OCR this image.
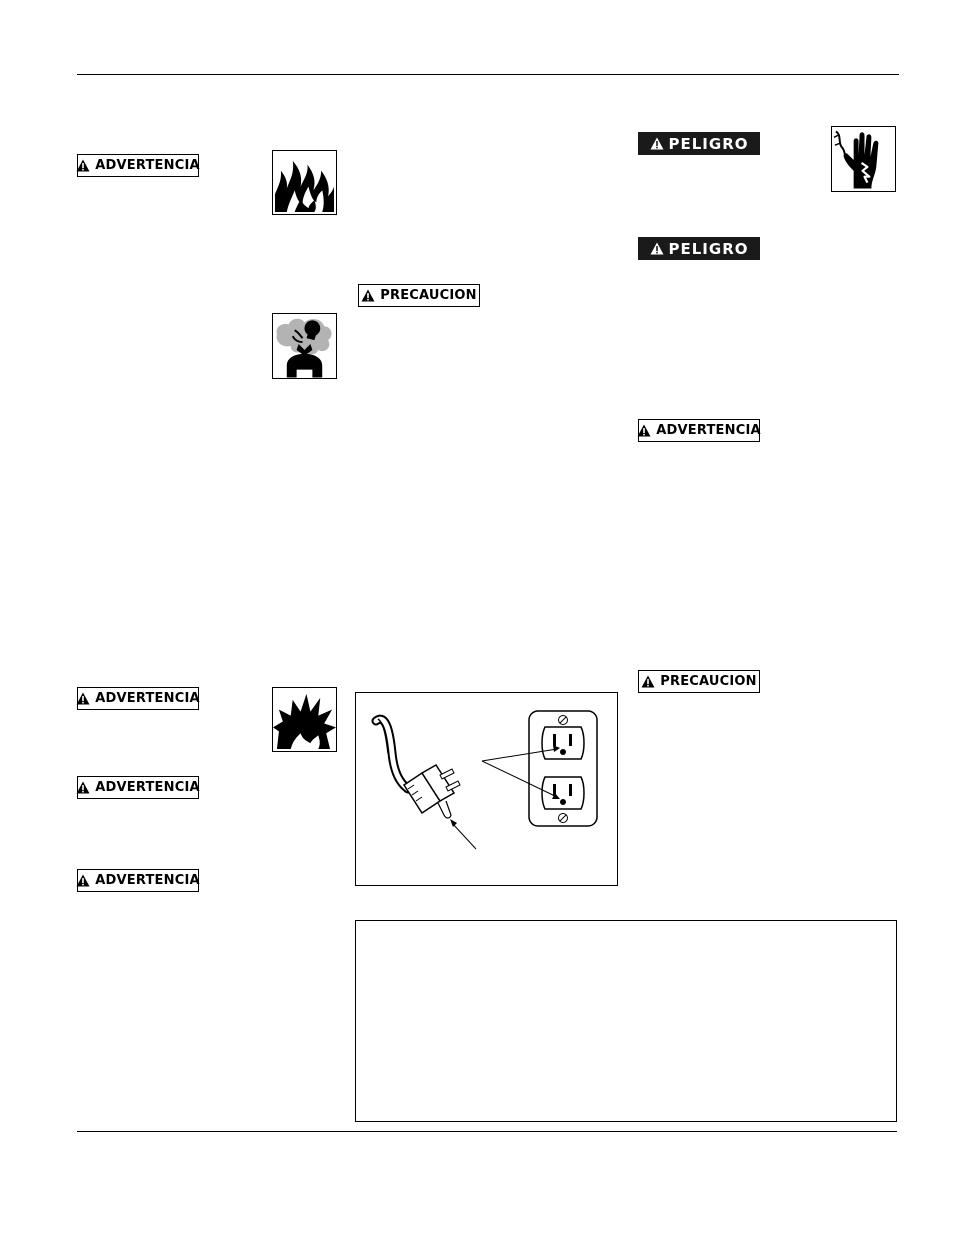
ADVERTENCIA
ADVERTENCIA
ADVERTENCIA
ADVERTENCIA
PRECAUCION
PELIGRO
PELIGRO
ADVERTENCIA
PRECAUCION
